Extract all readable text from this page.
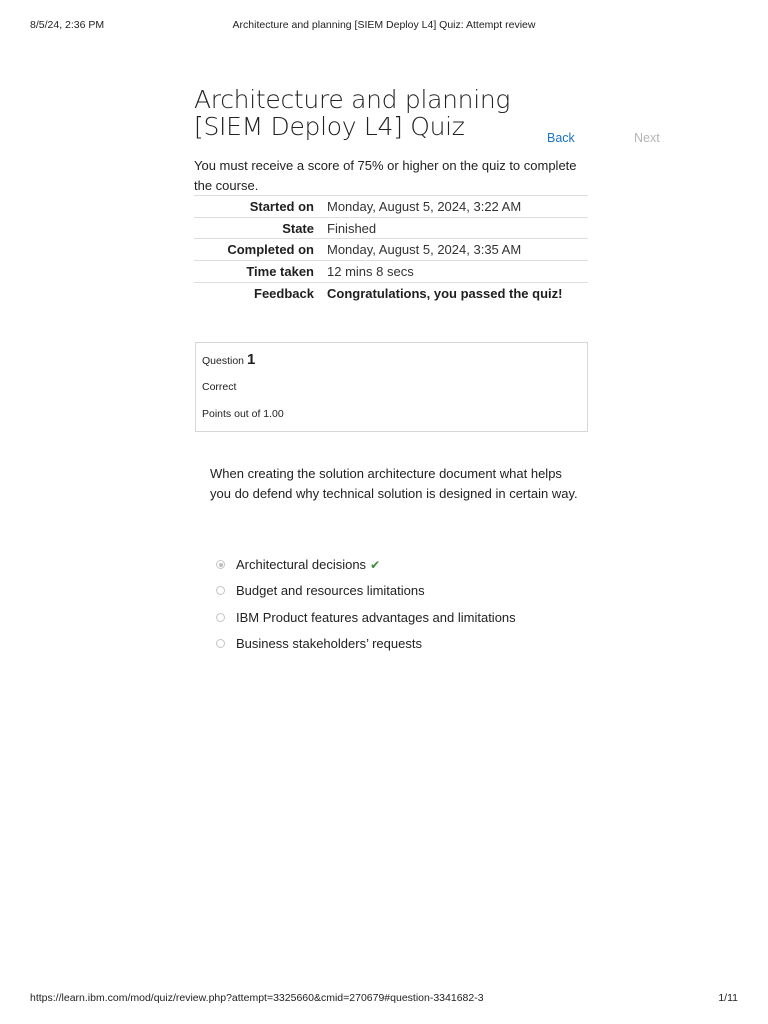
8/5/24, 2:36 PM	Architecture and planning [SIEM Deploy L4] Quiz: Attempt review
Architecture and planning [SIEM Deploy L4] Quiz	Back	Next
You must receive a score of 75% or higher on the quiz to complete the course.
Started on	Monday, August 5, 2024, 3:22 AM
State	Finished
Completed on	Monday, August 5, 2024, 3:35 AM
Time taken	12 mins 8 secs
Feedback	Congratulations, you passed the quiz!
Question 1
Correct
Points out of 1.00
When creating the solution architecture document what helps you do defend why technical solution is designed in certain way.
Architectural decisions ✔
Budget and resources limitations
IBM Product features advantages and limitations
Business stakeholders’ requests
https://learn.ibm.com/mod/quiz/review.php?attempt=3325660&cmid=270679#question-3341682-3	1/11
